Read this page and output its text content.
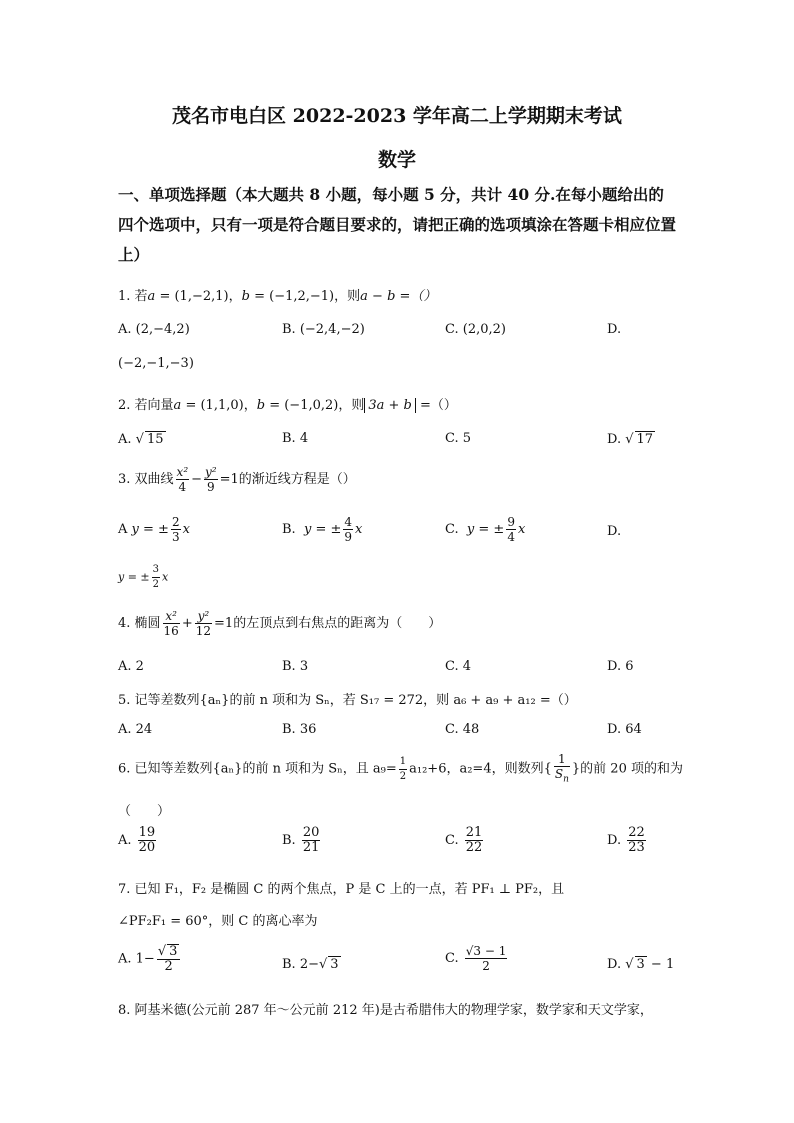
茂名市电白区 2022-2023 学年高二上学期期末考试
数学
一、单项选择题（本大题共 8 小题，每小题 5 分，共计 40 分.在每小题给出的四个选项中，只有一项是符合题目要求的，请把正确的选项填涂在答题卡相应位置上）
1. 若a = (1,−2,1)，b = (−1,2,−1)，则a − b =（）
A. (2,−4,2)	B. (−2,4,−2)	C. (2,0,2)	D.
(−2,−1,−3)
2. 若向量a = (1,1,0)，b = (−1,0,2)，则 3a + b =（）
A. √ 15	B. 4	C. 5	D. √ 17
3. 双曲线 $\frac{\text{x²}}{4} - \frac{\text{y²}}{9} =1$的渐近线方程是（）
A y = ± $\frac{2}{3}$ x	B.  y = ± $\frac{4}{9}$ x	C.  y = ± $\frac{9}{4}$ x	D.
y = ± $\frac{3}{2}$ x
4. 椭圆 $\frac{\text{x²}}{16} + \frac{\text{y²}}{12} =1$的左顶点到右焦点的距离为（　　）
A. 2	B. 3	C. 4	D. 6
5. 记等差数列{aₙ}的前 n 项和为 Sₙ，若 S₁₇ = 272，则 a₆ + a₉ + a₁₂ =（）
A. 24	B. 36	C. 48	D. 64
6. 已知等差数列{aₙ}的前 n 项和为 Sₙ，且 $a_9= \frac{1}{2} a_{12}+6$，a₂=4，则数列{ $\frac{1}{S_n}$ }的前 20 项的和为
（　　）
A. $\frac{19}{20}$	B. $\frac{20}{21}$	C. $\frac{21}{22}$	D. $\frac{22}{23}$
7. 已知 F₁，F₂ 是椭圆 C 的两个焦点，P 是 C 上的一点，若 PF₁ ⊥ PF₂，且
∠PF₂F₁ = 60°，则 C 的离心率为
A. $1- \frac{√ 3}{2}$	B. 2−√ 3	C. $\frac{√3 - 1}{2}$	D. √ 3 − 1
8. 阿基米德(公元前 287 年～公元前 212 年)是古希腊伟大的物理学家，数学家和天文学家，
